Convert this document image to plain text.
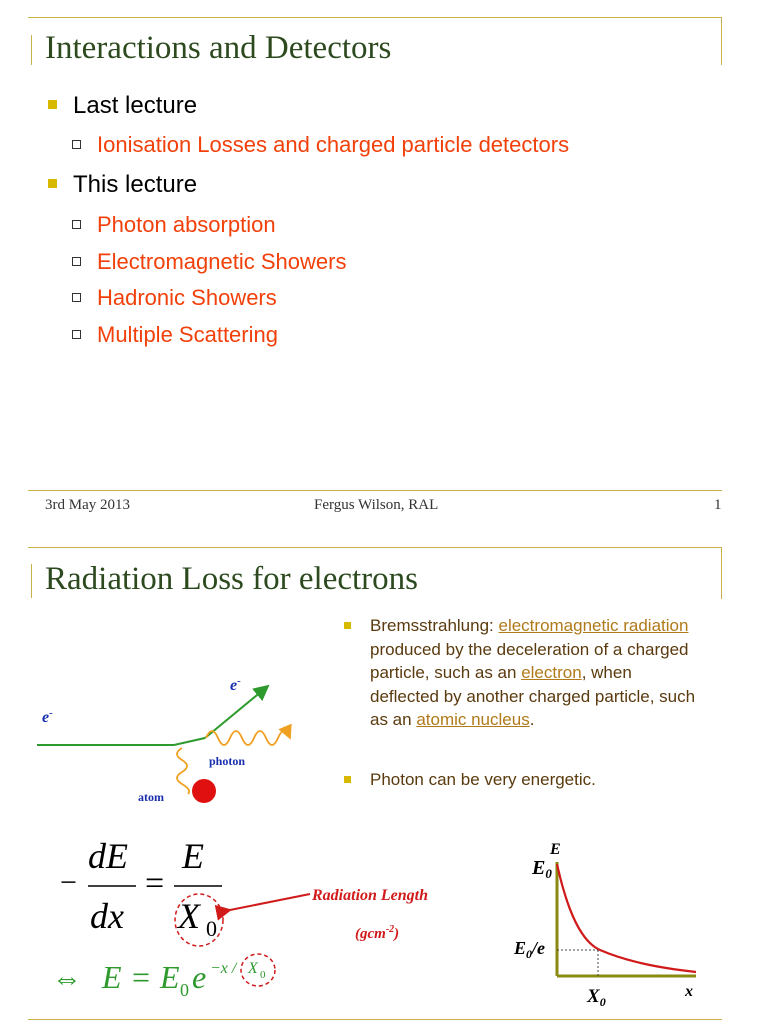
Interactions and Detectors
Last lecture
Ionisation Losses and charged particle detectors
This lecture
Photon absorption
Electromagnetic Showers
Hadronic Showers
Multiple Scattering
3rd May 2013	Fergus Wilson, RAL	1
Radiation Loss for electrons
Bremsstrahlung: electromagnetic radiation produced by the deceleration of a charged particle, such as an electron, when deflected by another charged particle, such as an atomic nucleus.
Photon can be very energetic.
e-
e-
photon
atom
−
dE
dx
=
E
X 0
⇔ E = E 0 e −x / X 0
Radiation Length
(gcm$^{-2}$)
E
$E_0$
$E_0/e$
$X_0$
x
